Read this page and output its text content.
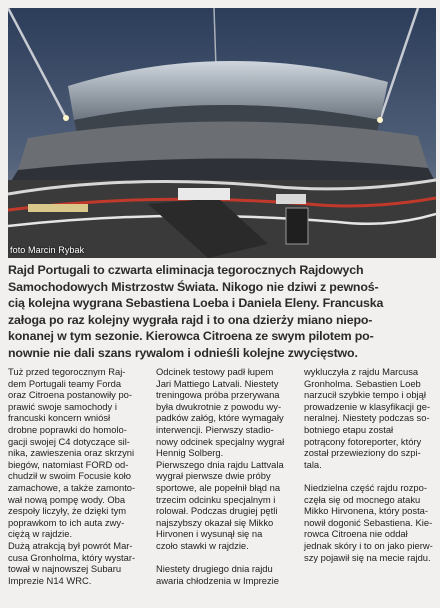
foto Marcin Rybak

Rajd Portugali to czwarta eliminacja tegorocznych Rajdowych
Samochodowych Mistrzostw Świata. Nikogo nie dziwi z pewnoś-
cią kolejna wygrana Sebastiena Loeba i Daniela Eleny. Francuska
załoga po raz kolejny wygrała rajd i to ona dzierży miano niepo-
konanej w tym sezonie. Kierowca Citroena ze swym pilotem po-
nownie nie dali szans rywalom i odnieśli kolejne zwycięstwo.

Tuż przed tegorocznym Raj-
dem Portugali teamy Forda
oraz Citroena postanowiły po-
prawić swoje samochody i
francuski koncern wniósł
drobne poprawki do homolo-
gacji swojej C4 dotyczące sil-
nika, zawieszenia oraz skrzyni
biegów, natomiast FORD od-
chudził w swoim Focusie koło
zamachowe, a także zamonto-
wał nową pompę wody. Oba
zespoły liczyły, że dzięki tym
poprawkom to ich auta zwy-
ciężą w rajdzie.
Dużą atrakcją był powrót Mar-
cusa Gronholma, który wystar-
tował w najnowszej Subaru
Imprezie N14 WRC.
Odcinek testowy padł łupem
Jari Mattiego Latvali. Niestety
treningowa próba przerywana
była dwukrotnie z powodu wy-
padków załóg, które wymagały
interwencji. Pierwszy stadio-
nowy odcinek specjalny wygrał
Hennig Solberg.
Pierwszego dnia rajdu Lattvala
wygrał pierwsze dwie próby
sportowe, ale popełnił błąd na
trzecim odcinku specjalnym i
rolował. Podczas drugiej pętli
najszybszy okazał się Mikko
Hirvonen i wysunął się na
czoło stawki w rajdzie.
Niestety drugiego dnia rajdu
awaria chłodzenia w Imprezie
wykluczyła z rajdu Marcusa
Gronholma. Sebastien Loeb
narzucił szybkie tempo i objął
prowadzenie w klasyfikacji ge-
neralnej. Niestety podczas so-
botniego etapu został
potrącony fotoreporter, który
został przewieziony do szpi-
tala.
Niedzielna część rajdu rozpo-
częła się od mocnego ataku
Mikko Hirvonena, który posta-
nowił dogonić Sebastiena. Kie-
rowca Citroena nie oddał
jednak skóry i to on jako pierw-
szy pojawił się na mecie rajdu.
